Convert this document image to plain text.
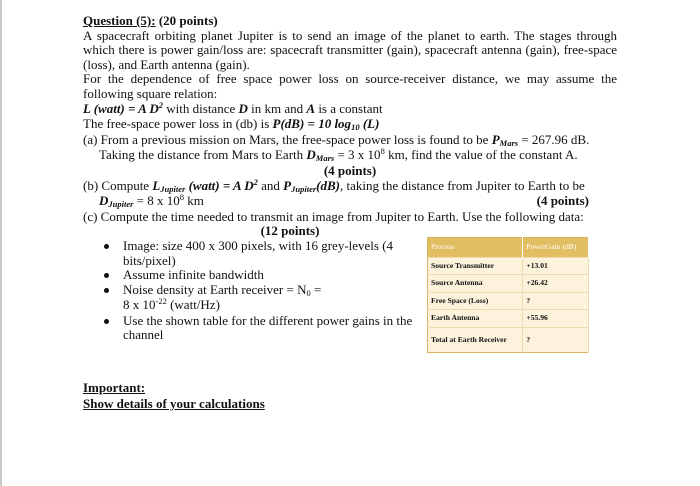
Question (5): (20 points)

A spacecraft orbiting planet Jupiter is to send an image of the planet to earth. The stages through which there is power gain/loss are: spacecraft transmitter (gain), spacecraft antenna (gain), free-space (loss), and Earth antenna (gain).

For the dependence of free space power loss on source-receiver distance, we may assume the following square relation:

L (watt) = A $D^2$ with distance D in km and A is a constant
The free-space power loss in (db) is P(dB) = 10 log10 (L)
(a) From a previous mission on Mars, the free-space power loss is found to be PMars = 267.96 dB.
Taking the distance from Mars to Earth DMars = 3 x $10^8$ km, find the value of the constant A.
(4 points)
(b) Compute LJupiter (watt) = A $D^2$ and PJupiter(dB), taking the distance from Jupiter to Earth to be
DJupiter = 8 x $10^8$ km	(4 points)
(c) Compute the time needed to transmit an image from Jupiter to Earth. Use the following data:
(12 points)
Image: size 400 x 300 pixels, with 16 grey-levels (4 bits/pixel)
Assume infinite bandwidth
Noise density at Earth receiver = N0 =
8 x $10^{-22}$ (watt/Hz)
Use the shown table for the different power gains in the channel
Process	PowerGain (dB)
Source Transmitter	+13.01
Source Antenna	+26.42
Free Space (Loss)	?
Earth Antenna	+55.96
Total at Earth Receiver	?
Important:
Show details of your calculations
